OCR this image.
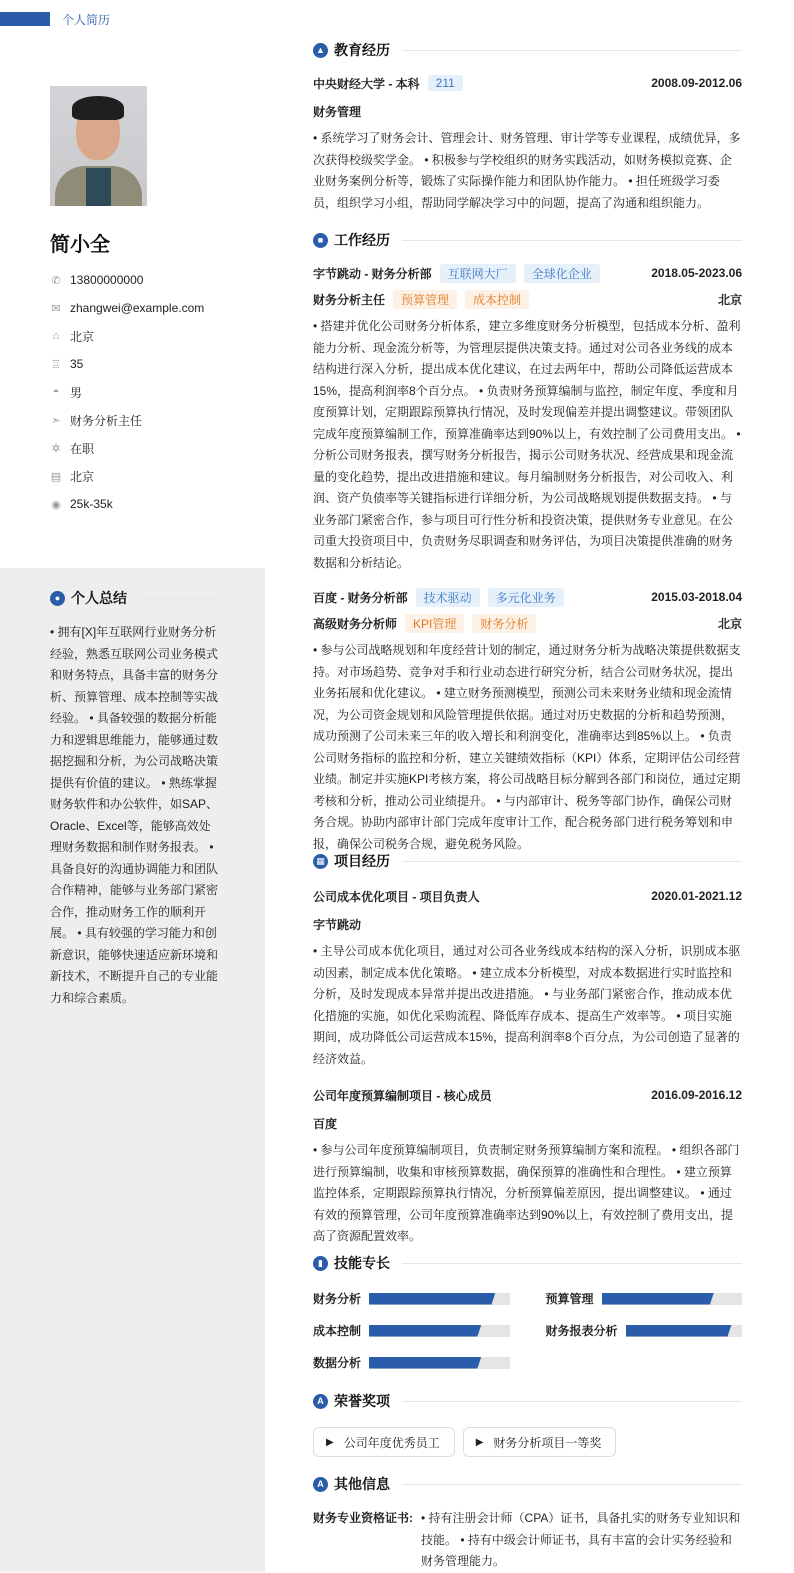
简小全
✆ 13800000000
✉ zhangwei@example.com
⌂ 北京
♖ 35
◓ 男
➣ 财务分析主任
✲ 在职
▤ 北京
◉ 25k-35k
● 个人总结
• 拥有[X]年互联网行业财务分析经验，熟悉互联网公司业务模式和财务特点，具备丰富的财务分析、预算管理、成本控制等实战经验。 • 具备较强的数据分析能力和逻辑思维能力，能够通过数据挖掘和分析，为公司战略决策提供有价值的建议。 • 熟练掌握财务软件和办公软件，如SAP、Oracle、Excel等，能够高效处理财务数据和制作财务报表。 • 具备良好的沟通协调能力和团队合作精神，能够与业务部门紧密合作，推动财务工作的顺利开展。 • 具有较强的学习能力和创新意识，能够快速适应新环境和新技术，不断提升自己的专业能力和综合素质。
个人简历
▲ 教育经历
中央财经大学 - 本科	211	2008.09-2012.06
财务管理
• 系统学习了财务会计、管理会计、财务管理、审计学等专业课程，成绩优异，多次获得校级奖学金。 • 积极参与学校组织的财务实践活动，如财务模拟竞赛、企业财务案例分析等，锻炼了实际操作能力和团队协作能力。 • 担任班级学习委员，组织学习小组，帮助同学解决学习中的问题，提高了沟通和组织能力。
■ 工作经历
字节跳动 - 财务分析部	互联网大厂	全球化企业	2018.05-2023.06
财务分析主任	预算管理	成本控制	北京
• 搭建并优化公司财务分析体系，建立多维度财务分析模型，包括成本分析、盈利能力分析、现金流分析等，为管理层提供决策支持。通过对公司各业务线的成本结构进行深入分析，提出成本优化建议，在过去两年中，帮助公司降低运营成本15%，提高利润率8个百分点。 • 负责财务预算编制与监控，制定年度、季度和月度预算计划，定期跟踪预算执行情况，及时发现偏差并提出调整建议。带领团队完成年度预算编制工作，预算准确率达到90%以上，有效控制了公司费用支出。 • 分析公司财务报表，撰写财务分析报告，揭示公司财务状况、经营成果和现金流量的变化趋势，提出改进措施和建议。每月编制财务分析报告，对公司收入、利润、资产负债率等关键指标进行详细分析，为公司战略规划提供数据支持。 • 与业务部门紧密合作，参与项目可行性分析和投资决策，提供财务专业意见。在公司重大投资项目中，负责财务尽职调查和财务评估，为项目决策提供准确的财务数据和分析结论。
百度 - 财务分析部	技术驱动	多元化业务	2015.03-2018.04
高级财务分析师	KPI管理	财务分析	北京
• 参与公司战略规划和年度经营计划的制定，通过财务分析为战略决策提供数据支持。对市场趋势、竞争对手和行业动态进行研究分析，结合公司财务状况，提出业务拓展和优化建议。 • 建立财务预测模型，预测公司未来财务业绩和现金流情况，为公司资金规划和风险管理提供依据。通过对历史数据的分析和趋势预测，成功预测了公司未来三年的收入增长和利润变化，准确率达到85%以上。 • 负责公司财务指标的监控和分析，建立关键绩效指标（KPI）体系，定期评估公司经营业绩。制定并实施KPI考核方案，将公司战略目标分解到各部门和岗位，通过定期考核和分析，推动公司业绩提升。 • 与内部审计、税务等部门协作，确保公司财务合规。协助内部审计部门完成年度审计工作，配合税务部门进行税务筹划和申报，确保公司税务合规，避免税务风险。
▦ 项目经历
公司成本优化项目 - 项目负责人	2020.01-2021.12
字节跳动
• 主导公司成本优化项目，通过对公司各业务线成本结构的深入分析，识别成本驱动因素，制定成本优化策略。 • 建立成本分析模型，对成本数据进行实时监控和分析，及时发现成本异常并提出改进措施。 • 与业务部门紧密合作，推动成本优化措施的实施，如优化采购流程、降低库存成本、提高生产效率等。 • 项目实施期间，成功降低公司运营成本15%，提高利润率8个百分点，为公司创造了显著的经济效益。
公司年度预算编制项目 - 核心成员	2016.09-2016.12
百度
• 参与公司年度预算编制项目，负责制定财务预算编制方案和流程。 • 组织各部门进行预算编制，收集和审核预算数据，确保预算的准确性和合理性。 • 建立预算监控体系，定期跟踪预算执行情况，分析预算偏差原因，提出调整建议。 • 通过有效的预算管理，公司年度预算准确率达到90%以上，有效控制了费用支出，提高了资源配置效率。
▮ 技能专长
财务分析	预算管理
成本控制	财务报表分析
数据分析
A 荣誉奖项
▶ 公司年度优秀员工	▶ 财务分析项目一等奖
A 其他信息
财务专业资格证书: • 持有注册会计师（CPA）证书，具备扎实的财务专业知识和技能。 • 持有中级会计师证书，具有丰富的会计实务经验和财务管理能力。
